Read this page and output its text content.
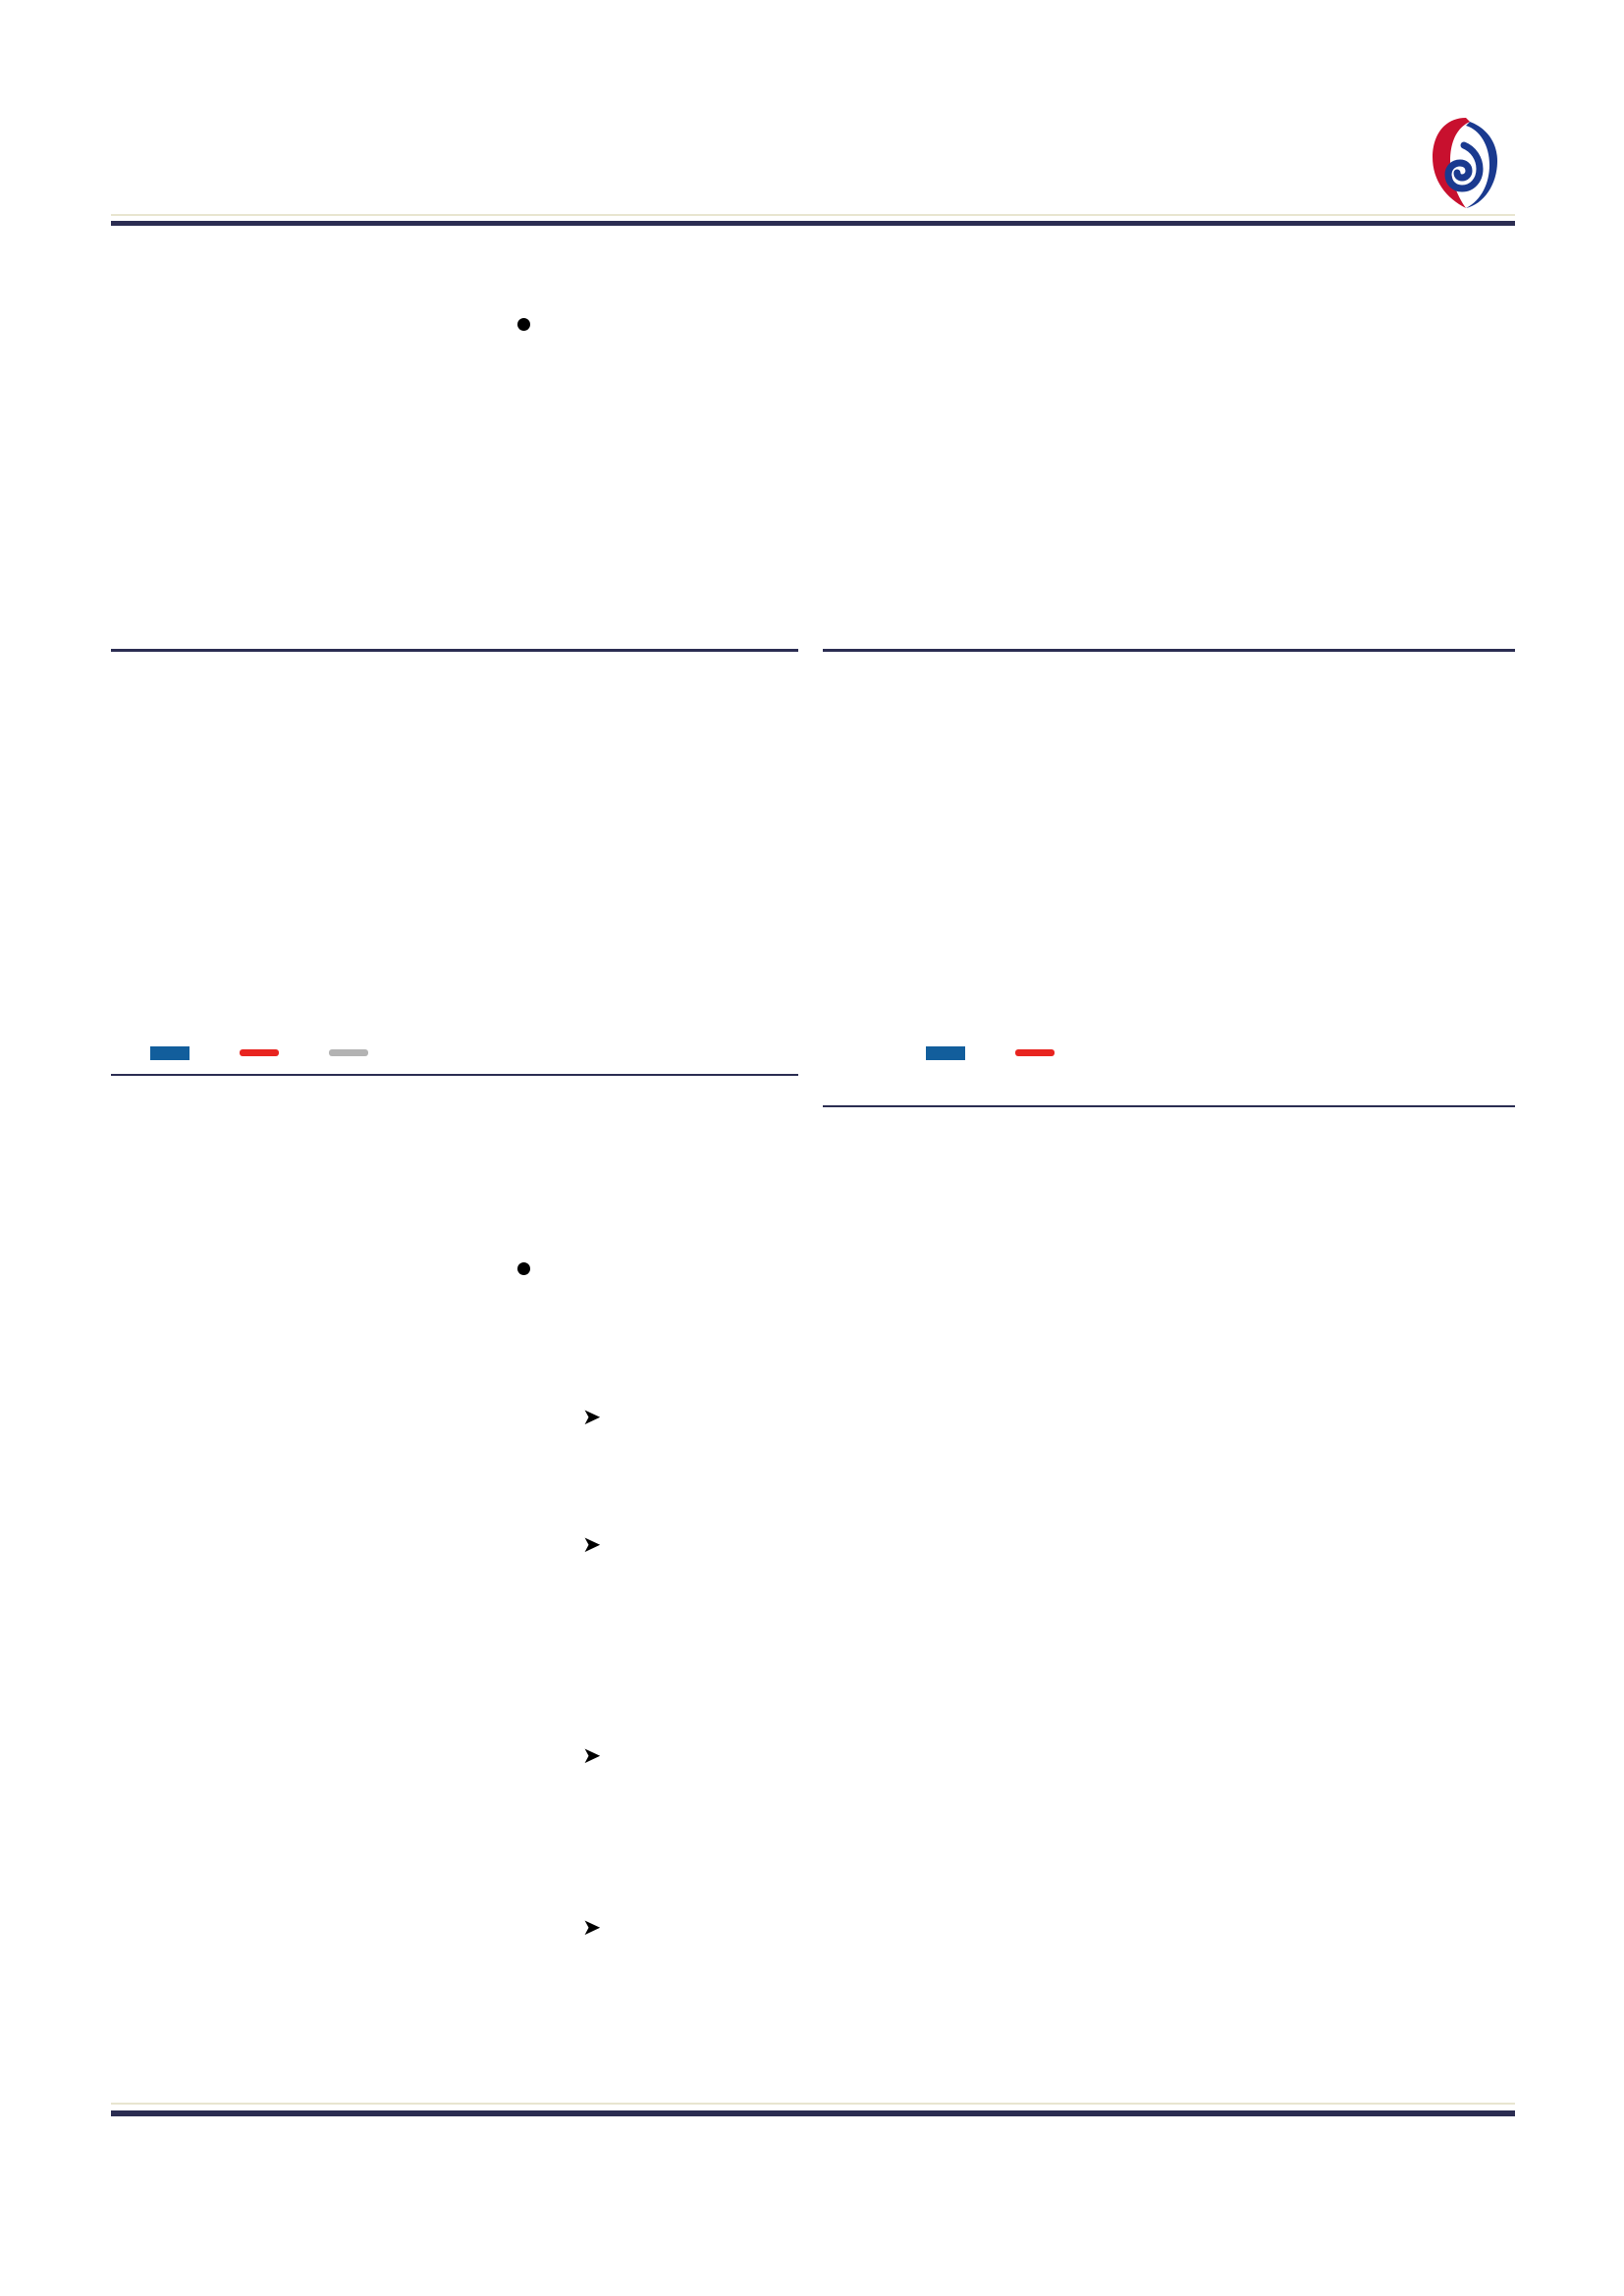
➤
➤
➤
➤
